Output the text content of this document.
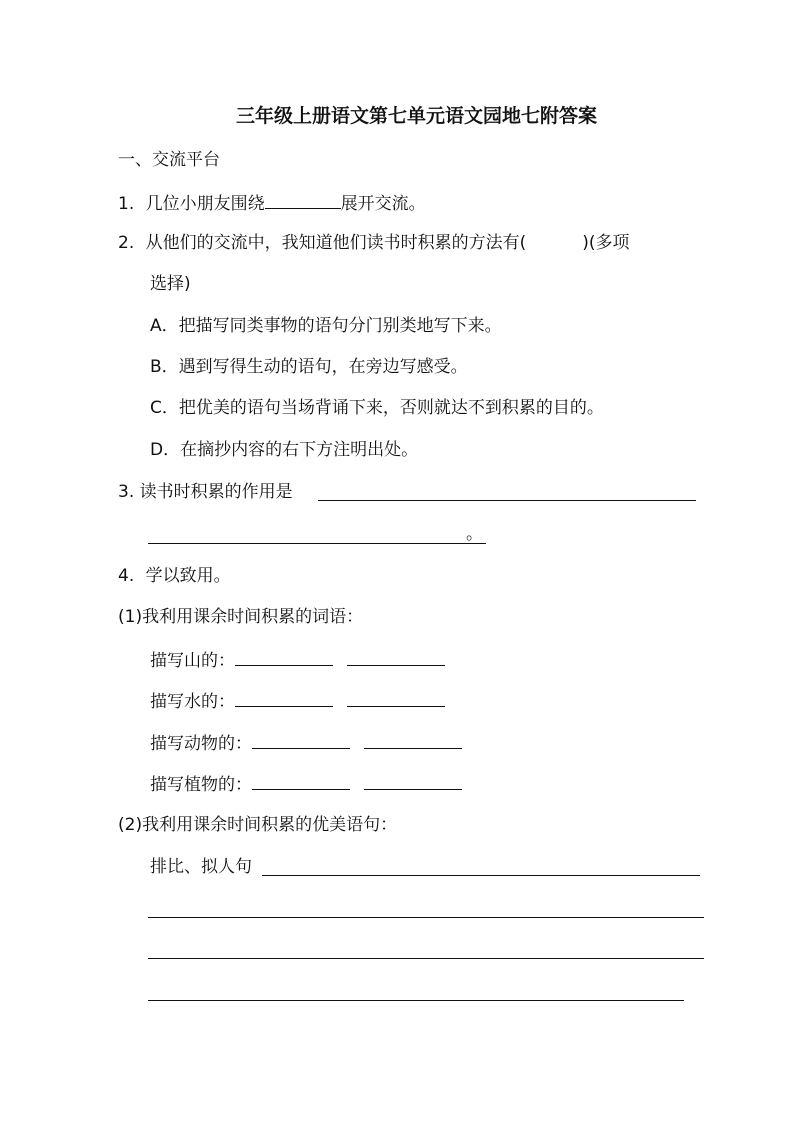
三年级上册语文第七单元语文园地七附答案
一、交流平台
1. 几位小朋友围绕	展开交流。
2. 从他们的交流中，我知道他们读书时积累的方法有(	)(多项
选择)
A．把描写同类事物的语句分门别类地写下来。
B．遇到写得生动的语句，在旁边写感受。
C．把优美的语句当场背诵下来，否则就达不到积累的目的。
D．在摘抄内容的右下方注明出处。
3. 读书时积累的作用是
。
4. 学以致用。
(1)我利用课余时间积累的词语：
描写山的：
描写水的：
描写动物的：
描写植物的：
(2)我利用课余时间积累的优美语句：
排比、拟人句
